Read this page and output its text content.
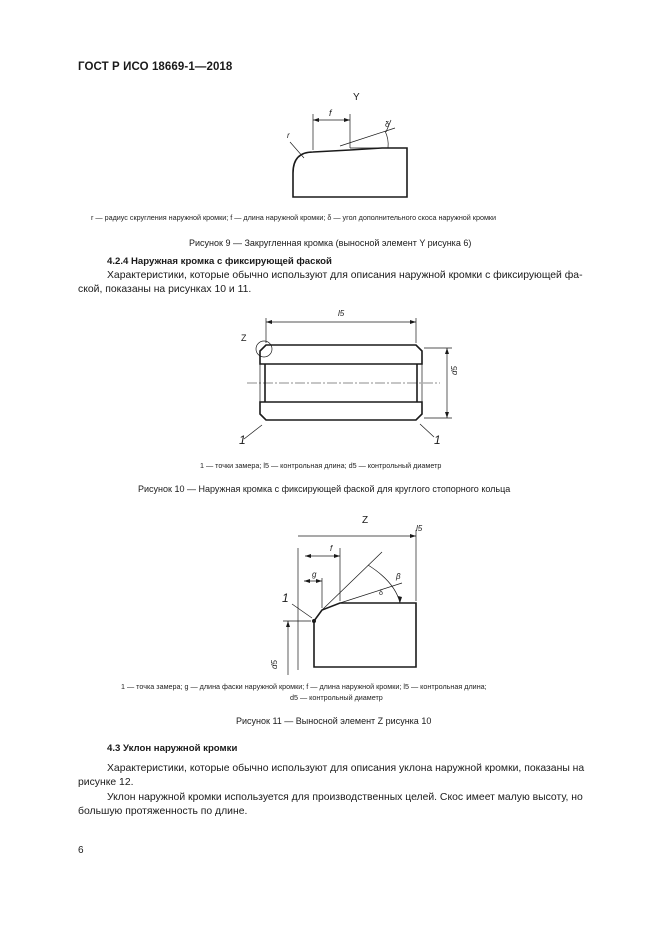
ГОСТ Р ИСО 18669-1—2018
Y
f
r
δ
r — радиус скругления наружной кромки; f — длина наружной кромки; δ — угол дополнительного скоса наружной кромки
Рисунок 9 — Закругленная кромка (выносной элемент Y рисунка 6)
4.2.4 Наружная кромка с фиксирующей фаской
Характеристики, которые обычно используют для описания наружной кромки с фиксирующей фа-
ской, показаны на рисунках 10 и 11.
Z
l5
d5
1	1
1 — точки замера; l5 — контрольная длина; d5 — контрольный диаметр
Рисунок 10 — Наружная кромка с фиксирующей фаской для круглого стопорного кольца
Z
l5
f
g
1
β
δ
d5
1 — точка замера; g — длина фаски наружной кромки; f — длина наружной кромки; l5 — контрольная длина;
d5 — контрольный диаметр
Рисунок 11 — Выносной элемент Z рисунка 10
4.3 Уклон наружной кромки
Характеристики, которые обычно используют для описания уклона наружной кромки, показаны на
рисунке 12.
Уклон наружной кромки используется для производственных целей. Скос имеет малую высоту, но
большую протяженность по длине.
6
